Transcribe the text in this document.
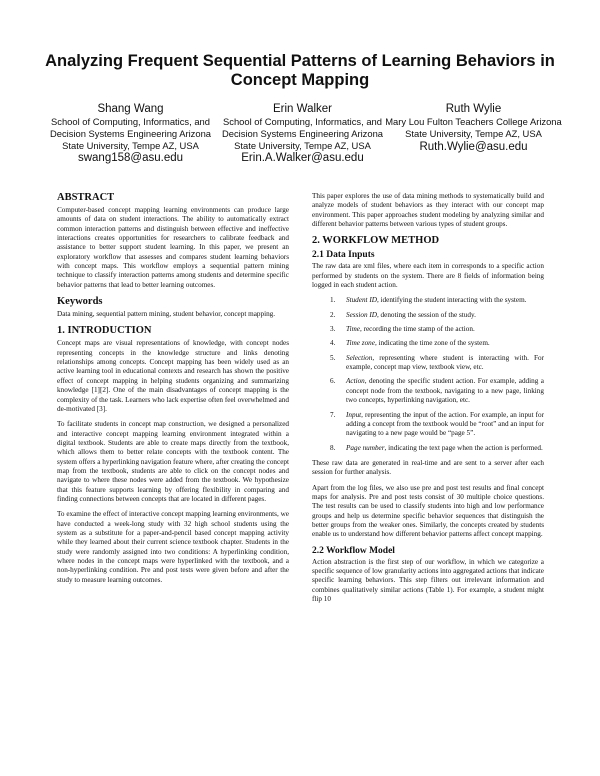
Analyzing Frequent Sequential Patterns of Learning Behaviors in Concept Mapping
Shang Wang
School of Computing, Informatics, and Decision Systems Engineering Arizona State University, Tempe AZ, USA
swang158@asu.edu
Erin Walker
School of Computing, Informatics, and Decision Systems Engineering Arizona State University, Tempe AZ, USA
Erin.A.Walker@asu.edu
Ruth Wylie
Mary Lou Fulton Teachers College Arizona State University, Tempe AZ, USA
Ruth.Wylie@asu.edu
ABSTRACT

Computer-based concept mapping learning environments can produce large amounts of data on student interactions. The ability to automatically extract common interaction patterns and distinguish between effective and ineffective interactions creates opportunities for researchers to calibrate feedback and assistance to better support student learning. In this paper, we present an exploratory workflow that assesses and compares student learning behaviors with concept maps. This workflow employs a sequential pattern mining technique to classify interaction patterns among students and determine specific behavior patterns that lead to better learning outcomes.

Keywords

Data mining, sequential pattern mining, student behavior, concept mapping.

1. INTRODUCTION

Concept maps are visual representations of knowledge, with concept nodes representing concepts in the knowledge structure and links denoting relationships among concepts. Concept mapping has been widely used as an active learning tool in educational contexts and research has shown the positive effect of concept mapping in helping students organizing and summarizing knowledge [1][2]. One of the main disadvantages of concept mapping is the complexity of the task. Learners who lack expertise often feel overwhelmed and de-motivated [3].

To facilitate students in concept map construction, we designed a personalized and interactive concept mapping learning environment integrated within a digital textbook. Students are able to create maps directly from the textbook, which allows them to better relate concepts with the textbook content. The system offers a hyperlinking navigation feature where, after creating the concept map from the textbook, students are able to click on the concept nodes and navigate to where these nodes were added from the textbook. We hypothesize that this feature supports learning by offering flexibility in comparing and finding connections between concepts that are located in different pages.

To examine the effect of interactive concept mapping learning environments, we have conducted a week-long study with 32 high school students using the system as a substitute for a paper-and-pencil based concept mapping activity while they learned about their current science textbook chapter. Students in the study were randomly assigned into two conditions: A hyperlinking condition, where nodes in the concept maps were hyperlinked with the textbook, and a non-hyperlinking condition. Pre and post tests were given before and after the study to measure learning outcomes.

This paper explores the use of data mining methods to systematically build and analyze models of student behaviors as they interact with our concept map environment. This paper approaches student modeling by analyzing similar and different behavior patterns between various types of student groups.

2. WORKFLOW METHOD
2.1 Data Inputs

The raw data are xml files, where each item in corresponds to a specific action performed by students on the system. There are 8 fields of information being logged in each student action.

1. Student ID, identifying the student interacting with the system.
2. Session ID, denoting the session of the study.
3. Time, recording the time stamp of the action.
4. Time zone, indicating the time zone of the system.
5. Selection, representing where student is interacting with. For example, concept map view, textbook view, etc.
6. Action, denoting the specific student action. For example, adding a concept node from the textbook, navigating to a new page, linking two concepts, hyperlinking navigation, etc.
7. Input, representing the input of the action. For example, an input for adding a concept from the textbook would be “root” and an input for navigating to a new page would be “page 5”.
8. Page number, indicating the text page when the action is performed.

These raw data are generated in real-time and are sent to a server after each session for further analysis.

Apart from the log files, we also use pre and post test results and final concept maps for analysis. Pre and post tests consist of 30 multiple choice questions. The test results can be used to classify students into high and low performance groups and help us determine specific behavior sequences that distinguish the better groups from the weaker ones. Similarly, the concepts created by students enable us to understand how different behavior patterns affect concept mapping.

2.2 Workflow Model

Action abstraction is the first step of our workflow, in which we categorize a specific sequence of low granularity actions into aggregated actions that indicate specific learning behaviors. This step filters out irrelevant information and combines qualitatively similar actions (Table 1). For example, a student might flip 10
